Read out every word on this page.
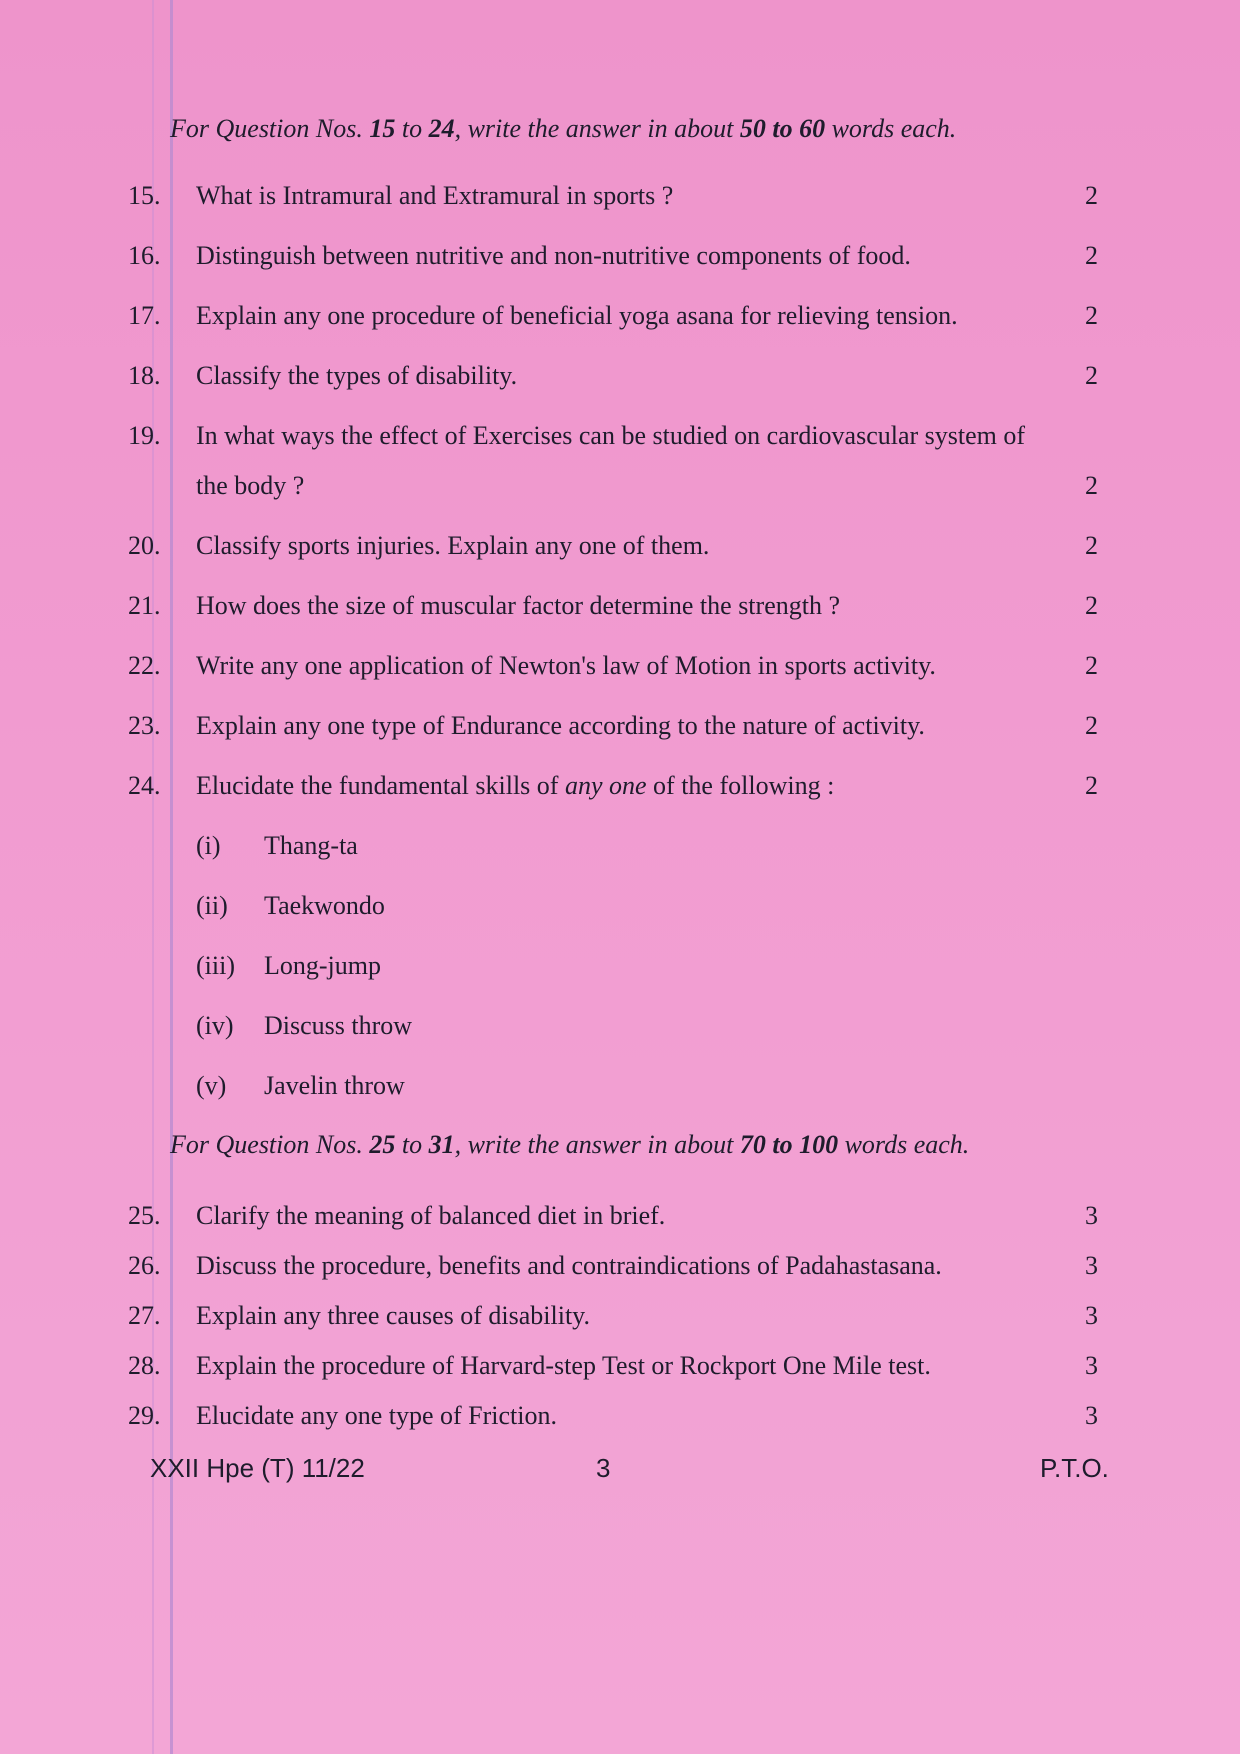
For Question Nos. 15 to 24, write the answer in about 50 to 60 words each.
15.	What is Intramural and Extramural in sports ?	2
16.	Distinguish between nutritive and non-nutritive components of food.	2
17.	Explain any one procedure of beneficial yoga asana for relieving tension.	2
18.	Classify the types of disability.	2
19.	In what ways the effect of Exercises can be studied on cardiovascular system of
the body ?	2
20.	Classify sports injuries. Explain any one of them.	2
21.	How does the size of muscular factor determine the strength ?	2
22.	Write any one application of Newton's law of Motion in sports activity.	2
23.	Explain any one type of Endurance according to the nature of activity.	2
24.	Elucidate the fundamental skills of any one of the following :	2
(i) Thang-ta
(ii) Taekwondo
(iii) Long-jump
(iv) Discuss throw
(v) Javelin throw
For Question Nos. 25 to 31, write the answer in about 70 to 100 words each.
25.	Clarify the meaning of balanced diet in brief.	3
26.	Discuss the procedure, benefits and contraindications of Padahastasana.	3
27.	Explain any three causes of disability.	3
28.	Explain the procedure of Harvard-step Test or Rockport One Mile test.	3
29.	Elucidate any one type of Friction.	3
XXII Hpe (T) 11/22	3	P.T.O.
